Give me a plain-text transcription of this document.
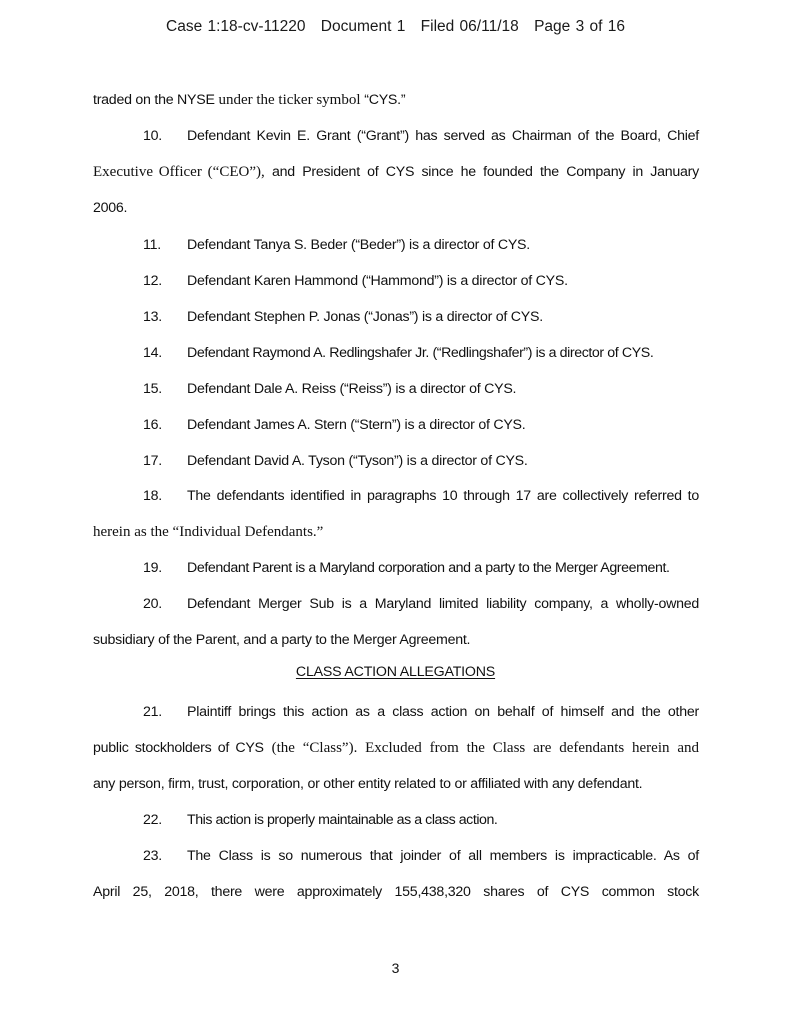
Case 1:18-cv-11220 Document 1 Filed 06/11/18 Page 3 of 16
traded on the NYSE under the ticker symbol “CYS.”
10. Defendant Kevin E. Grant (“Grant”) has served as Chairman of the Board, Chief
Executive Officer (“CEO”), and President of CYS since he founded the Company in January
2006.
11. Defendant Tanya S. Beder (“Beder”) is a director of CYS.
12. Defendant Karen Hammond (“Hammond”) is a director of CYS.
13. Defendant Stephen P. Jonas (“Jonas”) is a director of CYS.
14. Defendant Raymond A. Redlingshafer Jr. (“Redlingshafer”) is a director of CYS.
15. Defendant Dale A. Reiss (“Reiss”) is a director of CYS.
16. Defendant James A. Stern (“Stern”) is a director of CYS.
17. Defendant David A. Tyson (“Tyson”) is a director of CYS.
18. The defendants identified in paragraphs 10 through 17 are collectively referred to
herein as the “Individual Defendants.”
19. Defendant Parent is a Maryland corporation and a party to the Merger Agreement.
20. Defendant Merger Sub is a Maryland limited liability company, a wholly-owned
subsidiary of the Parent, and a party to the Merger Agreement.
21. Plaintiff brings this action as a class action on behalf of himself and the other
public stockholders of CYS (the “Class”). Excluded from the Class are defendants herein and
any person, firm, trust, corporation, or other entity related to or affiliated with any defendant.
22. This action is properly maintainable as a class action.
23. The Class is so numerous that joinder of all members is impracticable. As of
April 25, 2018, there were approximately 155,438,320 shares of CYS common stock
CLASS ACTION ALLEGATIONS
3
